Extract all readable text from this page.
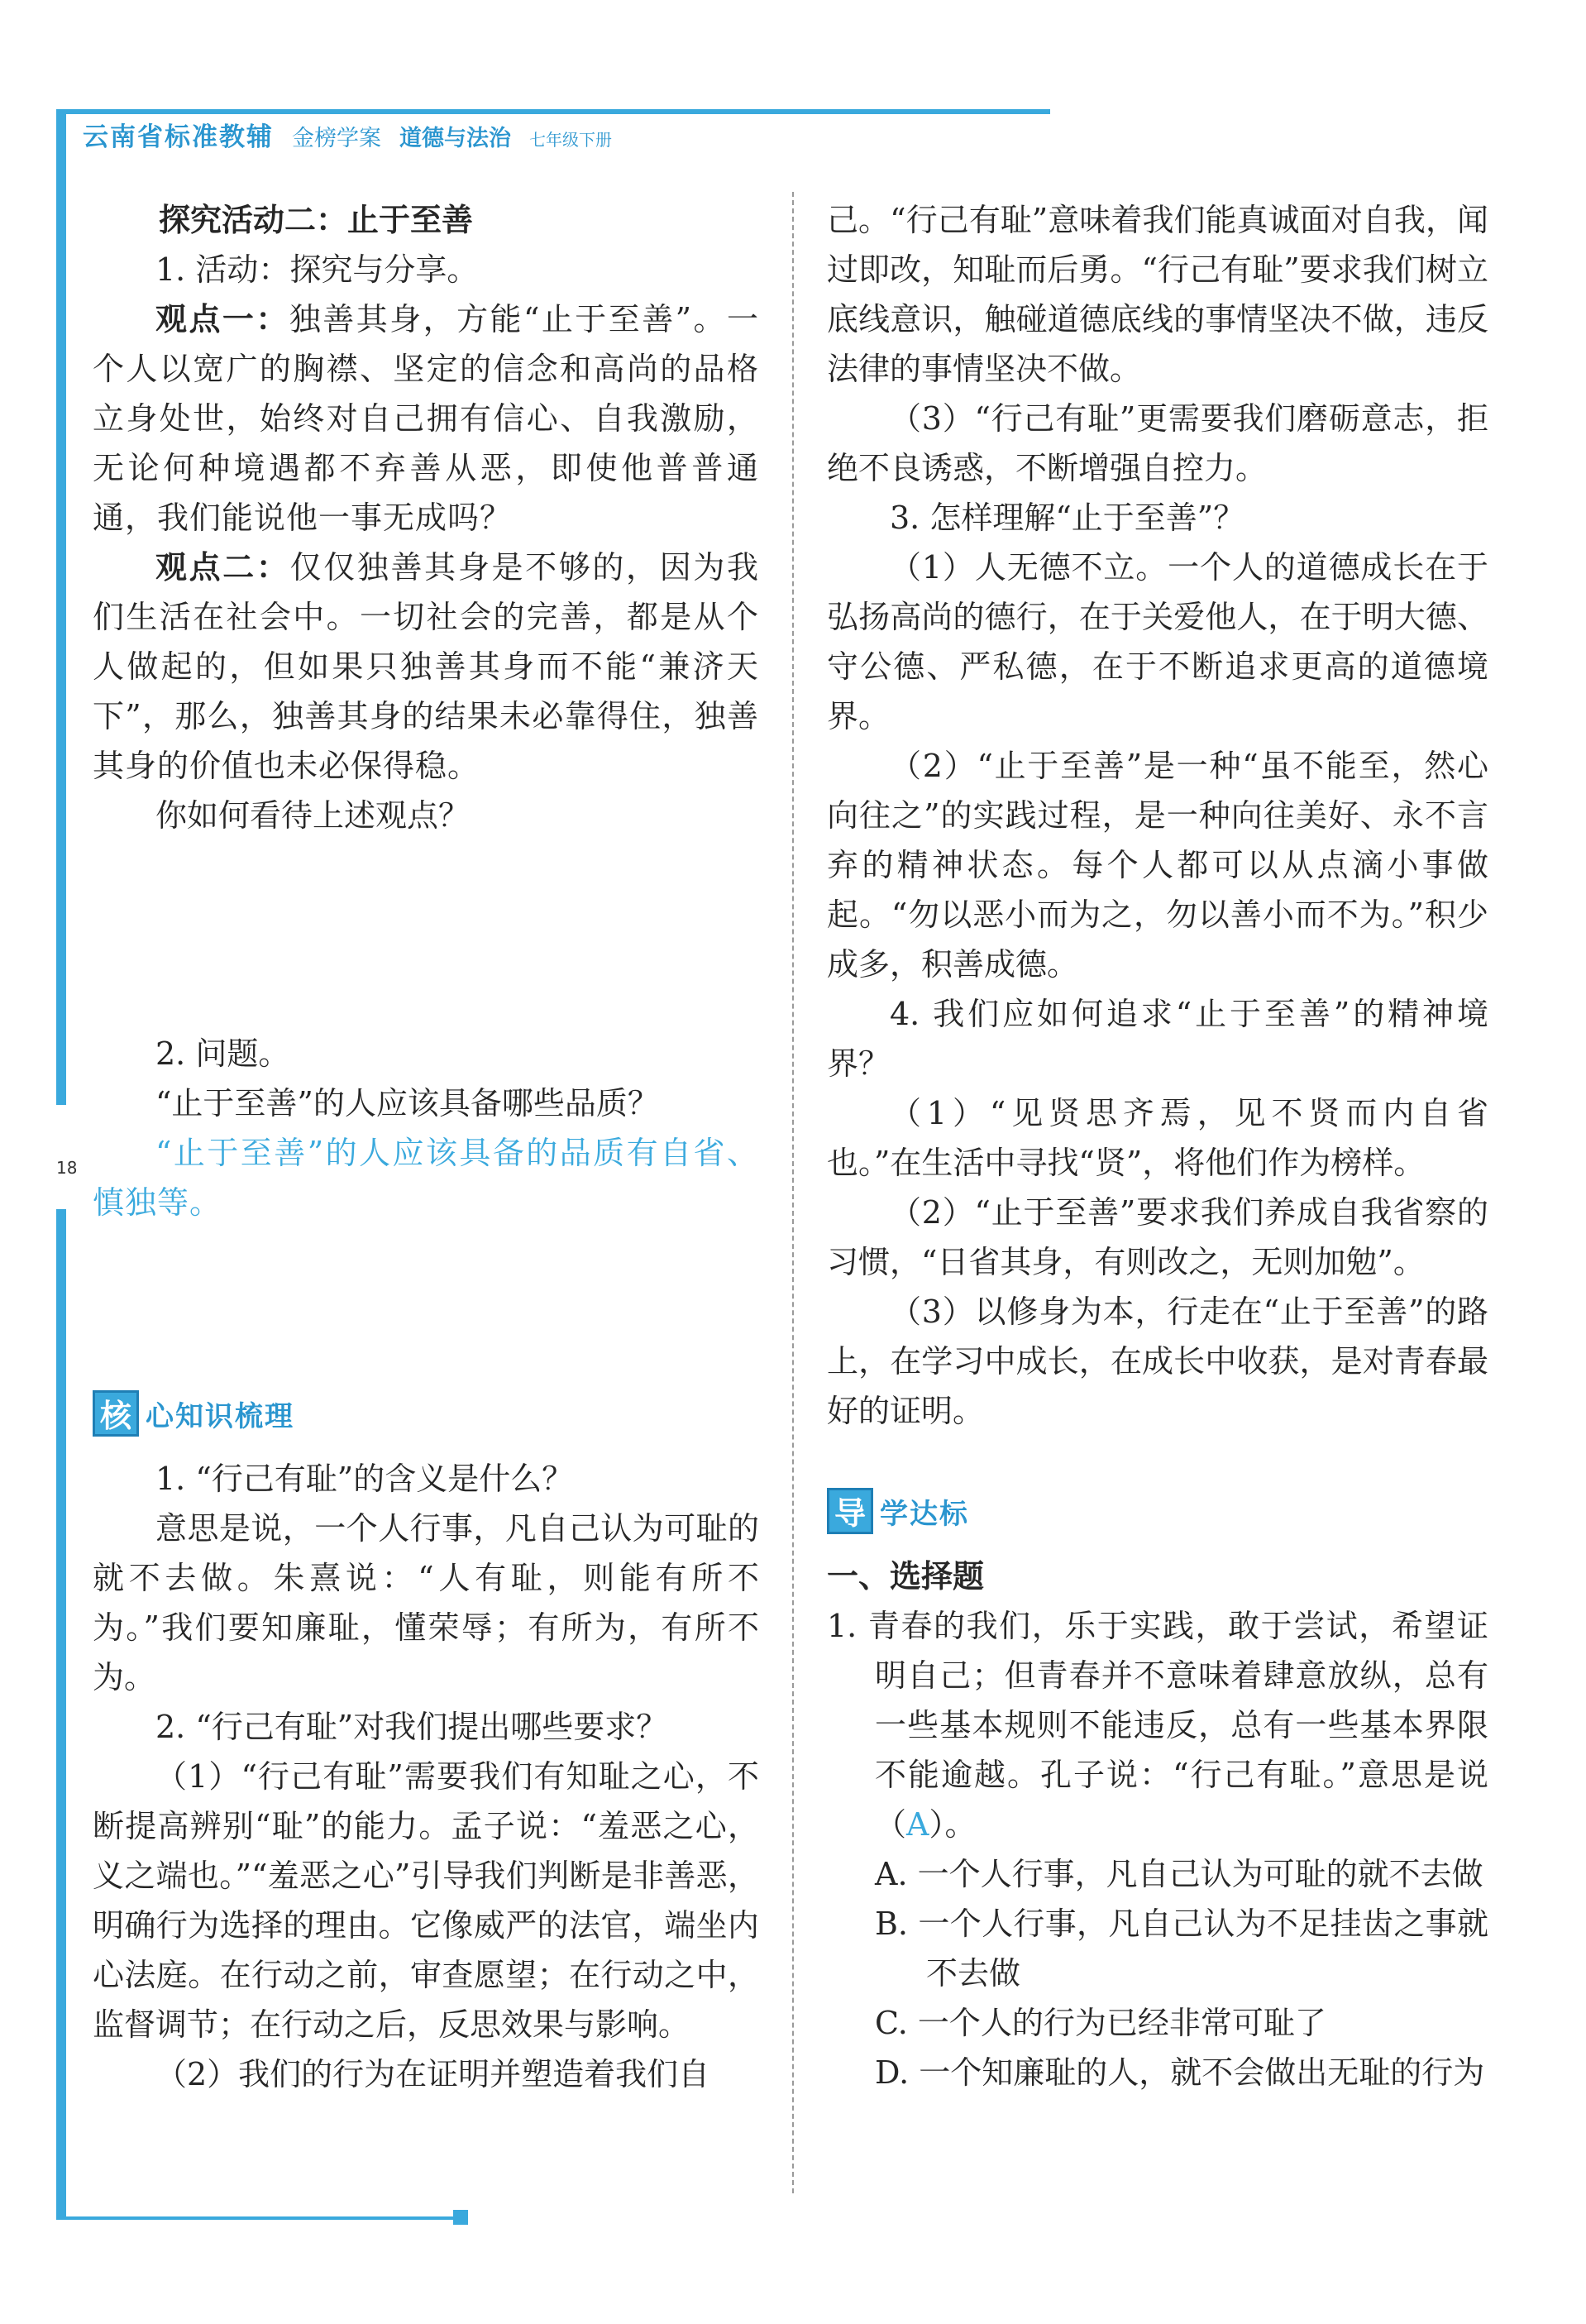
18
云南省标准教辅 金榜学案 道德与法治 七年级下册
探究活动二：止于至善

1. 活动：探究与分享。

观点一：独善其身，方能“止于至善”。一个人以宽广的胸襟、坚定的信念和高尚的品格立身处世，始终对自己拥有信心、自我激励，无论何种境遇都不弃善从恶，即使他普普通通，我们能说他一事无成吗？

观点二：仅仅独善其身是不够的，因为我们生活在社会中。一切社会的完善，都是从个人做起的，但如果只独善其身而不能“兼济天下”，那么，独善其身的结果未必靠得住，独善其身的价值也未必保得稳。

你如何看待上述观点？

2. 问题。

“止于至善”的人应该具备哪些品质？

“止于至善”的人应该具备的品质有自省、慎独等。

核 心知识梳理

1. “行己有耻”的含义是什么？

意思是说，一个人行事，凡自己认为可耻的就不去做。朱熹说：“人有耻，则能有所不为。”我们要知廉耻，懂荣辱；有所为，有所不为。

2. “行己有耻”对我们提出哪些要求？

（1）“行己有耻”需要我们有知耻之心，不断提高辨别“耻”的能力。孟子说：“羞恶之心，义之端也。”“羞恶之心”引导我们判断是非善恶，明确行为选择的理由。它像威严的法官，端坐内心法庭。在行动之前，审查愿望；在行动之中，监督调节；在行动之后，反思效果与影响。

（2）我们的行为在证明并塑造着我们自

己。“行己有耻”意味着我们能真诚面对自我，闻过即改，知耻而后勇。“行己有耻”要求我们树立底线意识，触碰道德底线的事情坚决不做，违反法律的事情坚决不做。

（3）“行己有耻”更需要我们磨砺意志，拒绝不良诱惑，不断增强自控力。

3. 怎样理解“止于至善”？

（1）人无德不立。一个人的道德成长在于弘扬高尚的德行，在于关爱他人，在于明大德、守公德、严私德，在于不断追求更高的道德境界。

（2）“止于至善”是一种“虽不能至，然心向往之”的实践过程，是一种向往美好、永不言弃的精神状态。每个人都可以从点滴小事做起。“勿以恶小而为之，勿以善小而不为。”积少成多，积善成德。

4. 我们应如何追求“止于至善”的精神境界？

（1）“见贤思齐焉，见不贤而内自省也。”在生活中寻找“贤”，将他们作为榜样。

（2）“止于至善”要求我们养成自我省察的习惯，“日省其身，有则改之，无则加勉”。

（3）以修身为本，行走在“止于至善”的路上，在学习中成长，在成长中收获，是对青春最好的证明。

导 学达标

一、选择题

1. 青春的我们，乐于实践，敢于尝试，希望证明自己；但青春并不意味着肆意放纵，总有一些基本规则不能违反，总有一些基本界限不能逾越。孔子说：“行己有耻。”意思是说（A）。

A. 一个人行事，凡自己认为可耻的就不去做

B. 一个人行事，凡自己认为不足挂齿之事就不去做

C. 一个人的行为已经非常可耻了

D. 一个知廉耻的人，就不会做出无耻的行为
